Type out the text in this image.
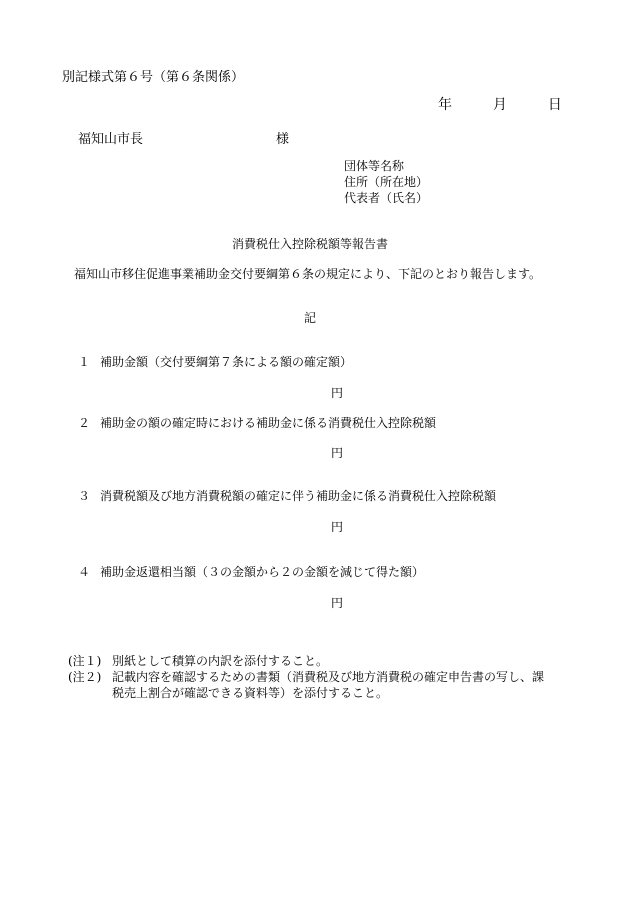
別記様式第６号（第６条関係）
年	月	日
福知山市長	様
団体等名称
住所（所在地）
代表者（氏名）
消費税仕入控除税額等報告書
福知山市移住促進事業補助金交付要綱第６条の規定により、下記のとおり報告します。
記
１ 補助金額（交付要綱第７条による額の確定額）
円
２ 補助金の額の確定時における補助金に係る消費税仕入控除税額
円
３ 消費税額及び地方消費税額の確定に伴う補助金に係る消費税仕入控除税額
円
４ 補助金返還相当額（３の金額から２の金額を減じて得た額）
円
(注１) 別紙として積算の内訳を添付すること。
(注２) 記載内容を確認するための書類（消費税及び地方消費税の確定申告書の写し、課税売上割合が確認できる資料等）を添付すること。
